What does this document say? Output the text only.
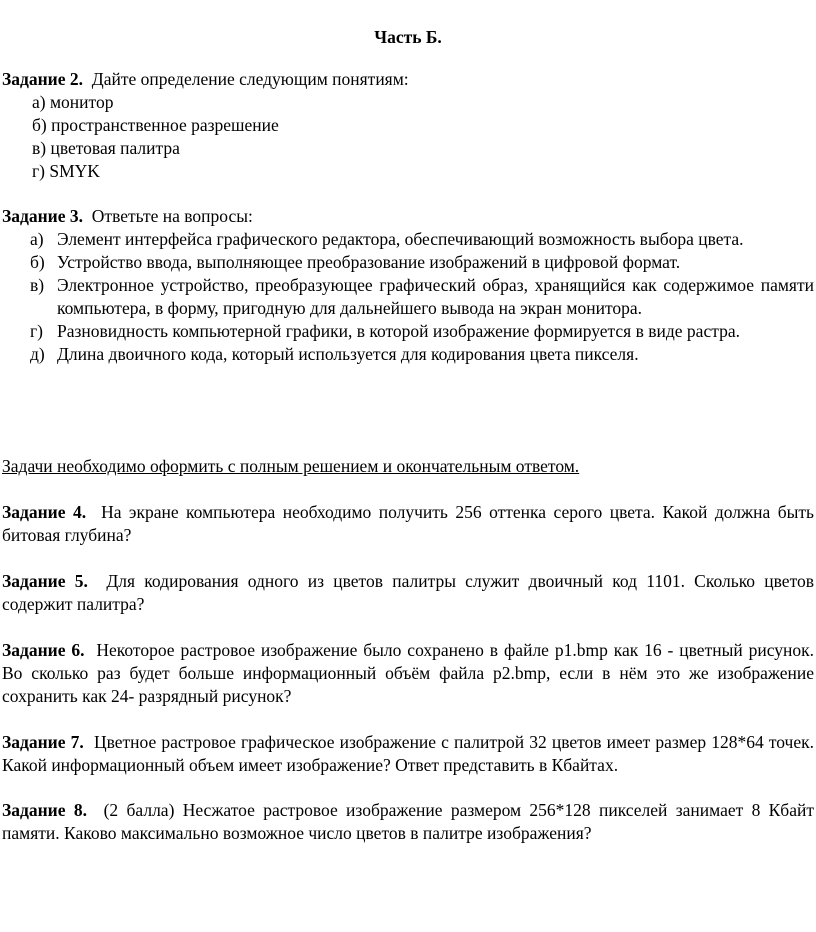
Часть Б.
Задание 2. Дайте определение следующим понятиям:
а) монитор
б) пространственное разрешение
в) цветовая палитра
г) SMYK
Задание 3. Ответьте на вопросы:
а) Элемент интерфейса графического редактора, обеспечивающий возможность выбора цвета.
б) Устройство ввода, выполняющее преобразование изображений в цифровой формат.
в) Электронное устройство, преобразующее графический образ, хранящийся как содержимое памяти компьютера, в форму, пригодную для дальнейшего вывода на экран монитора.
г) Разновидность компьютерной графики, в которой изображение формируется в виде растра.
д) Длина двоичного кода, который используется для кодирования цвета пикселя.
Задачи необходимо оформить с полным решением и окончательным ответом.
Задание 4. На экране компьютера необходимо получить 256 оттенка серого цвета. Какой должна быть битовая глубина?
Задание 5. Для кодирования одного из цветов палитры служит двоичный код 1101. Сколько цветов содержит палитра?
Задание 6. Некоторое растровое изображение было сохранено в файле p1.bmp как 16 - цветный рисунок. Во сколько раз будет больше информационный объём файла p2.bmp, если в нём это же изображение сохранить как 24- разрядный рисунок?
Задание 7. Цветное растровое графическое изображение с палитрой 32 цветов имеет размер 128*64 точек. Какой информационный объем имеет изображение? Ответ представить в Кбайтах.
Задание 8. (2 балла) Несжатое растровое изображение размером 256*128 пикселей занимает 8 Кбайт памяти. Каково максимально возможное число цветов в палитре изображения?
